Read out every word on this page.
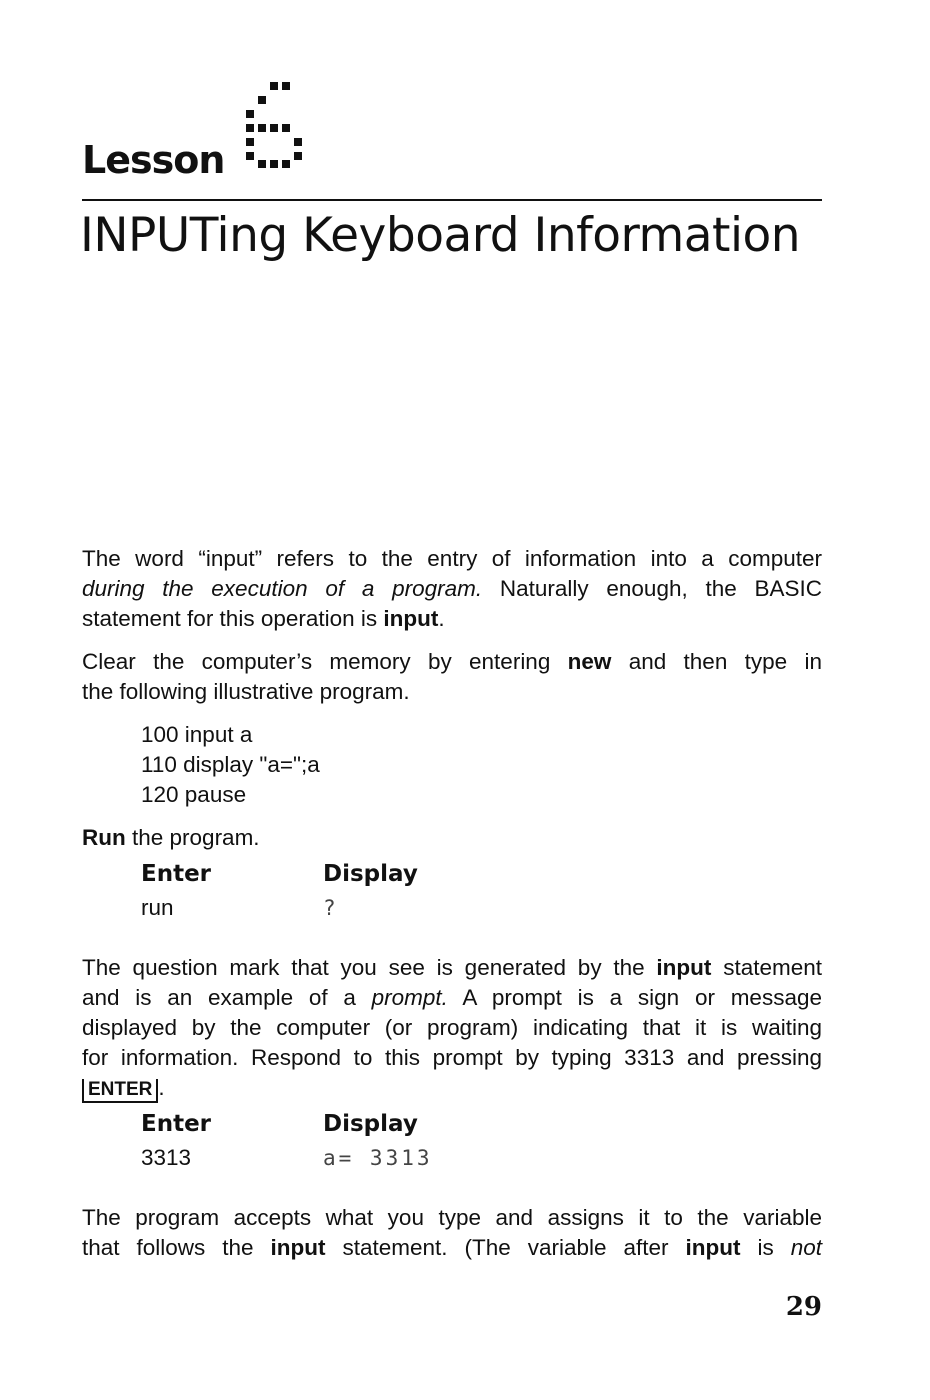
Lesson
INPUTing Keyboard Information

The word “input” refers to the entry of information into a computer

during the execution of a program. Naturally enough, the BASIC

statement for this operation is input.

Clear the computer’s memory by entering new and then type in

the following illustrative program.

100 input a
110 display "a=";a
120 pause

Run the program.

Enter	Display
run	?

The question mark that you see is generated by the input statement

and is an example of a prompt. A prompt is a sign or message

displayed by the computer (or program) indicating that it is waiting

for information. Respond to this prompt by typing 3313 and pressing

ENTER .

Enter	Display
3313	a= 3313

The program accepts what you type and assigns it to the variable

that follows the input statement. (The variable after input is not

29
